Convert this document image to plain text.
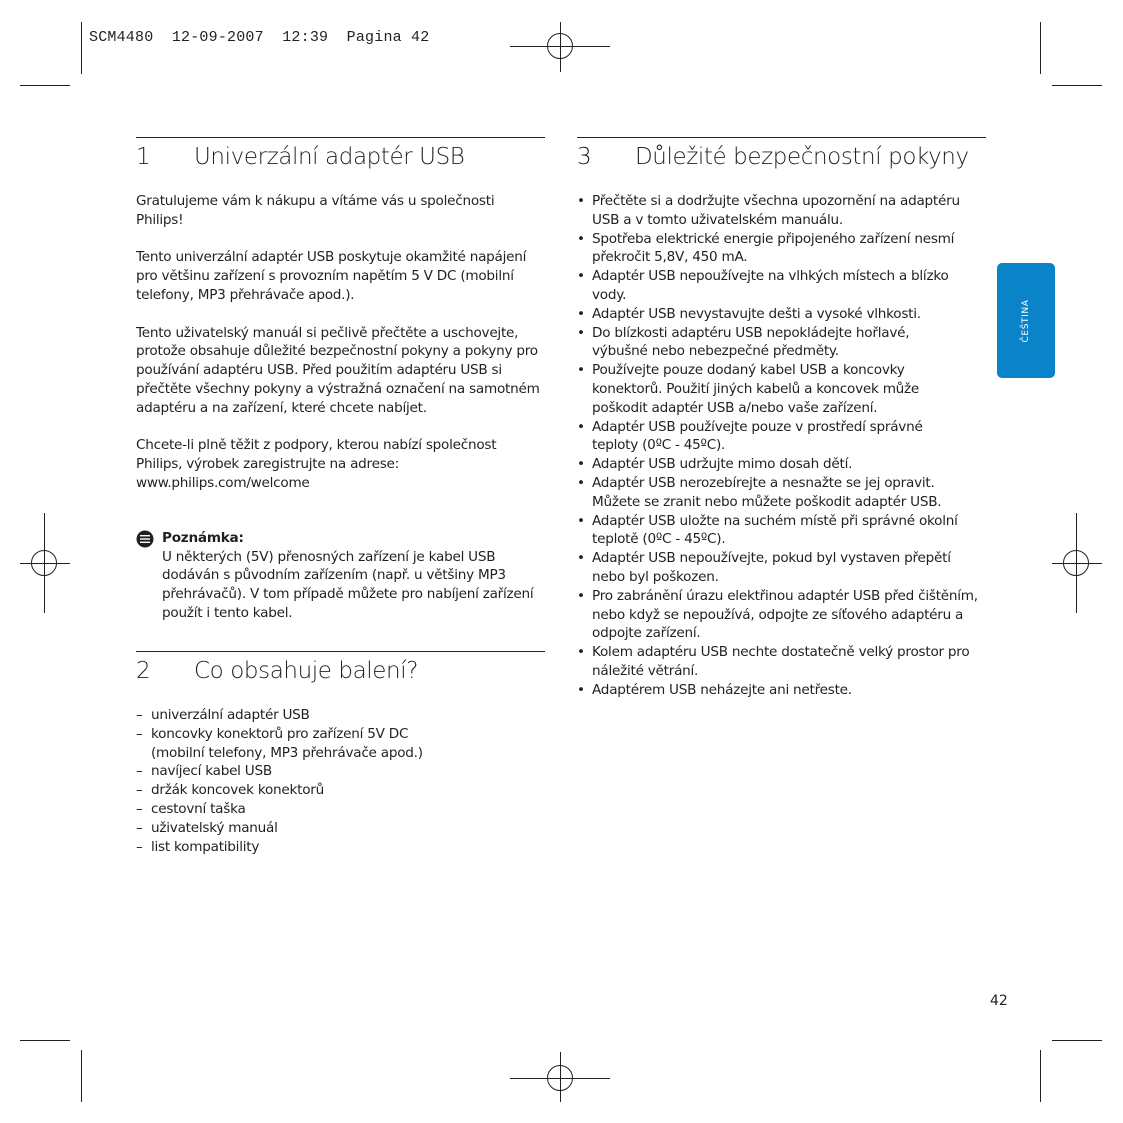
SCM4480  12-09-2007  12:39  Pagina 42
1	Univerzální adaptér USB

Gratulujeme vám k nákupu a vítáme vás u společnosti Philips!

Tento univerzální adaptér USB poskytuje okamžité napájení pro většinu zařízení s provozním napětím 5 V DC (mobilní telefony, MP3 přehrávače apod.).

Tento uživatelský manuál si pečlivě přečtěte a uschovejte, protože obsahuje důležité bezpečnostní pokyny a pokyny pro používání adaptéru USB. Před použitím adaptéru USB si přečtěte všechny pokyny a výstražná označení na samotném adaptéru a na zařízení, které chcete nabíjet.

Chcete-li plně těžit z podpory, kterou nabízí společnost Philips, výrobek zaregistrujte na adrese: www.philips.com/welcome

Poznámka:
U některých (5V) přenosných zařízení je kabel USB dodáván s původním zařízením (např. u většiny MP3 přehrávačů). V tom případě můžete pro nabíjení zařízení použít i tento kabel.
2	Co obsahuje balení?
– univerzální adaptér USB
– koncovky konektorů pro zařízení 5V DC (mobilní telefony, MP3 přehrávače apod.)
– navíjecí kabel USB
– držák koncovek konektorů
– cestovní taška
– uživatelský manuál
– list kompatibility
3	Důležité bezpečnostní pokyny
• Přečtěte si a dodržujte všechna upozornění na adaptéru USB a v tomto uživatelském manuálu.
• Spotřeba elektrické energie připojeného zařízení nesmí překročit 5,8V, 450 mA.
• Adaptér USB nepoužívejte na vlhkých místech a blízko vody.
• Adaptér USB nevystavujte dešti a vysoké vlhkosti.
• Do blízkosti adaptéru USB nepokládejte hořlavé, výbušné nebo nebezpečné předměty.
• Používejte pouze dodaný kabel USB a koncovky konektorů. Použití jiných kabelů a koncovek může poškodit adaptér USB a/nebo vaše zařízení.
• Adaptér USB používejte pouze v prostředí správné teploty (0ºC - 45ºC).
• Adaptér USB udržujte mimo dosah dětí.
• Adaptér USB nerozebírejte a nesnažte se jej opravit. Můžete se zranit nebo můžete poškodit adaptér USB.
• Adaptér USB uložte na suchém místě při správné okolní teplotě (0ºC - 45ºC).
• Adaptér USB nepoužívejte, pokud byl vystaven přepětí nebo byl poškozen.
• Pro zabránění úrazu elektřinou adaptér USB před čištěním, nebo když se nepoužívá, odpojte ze síťového adaptéru a odpojte zařízení.
• Kolem adaptéru USB nechte dostatečně velký prostor pro náležité větrání.
• Adaptérem USB neházejte ani netřeste.
ČEŠTINA
42
